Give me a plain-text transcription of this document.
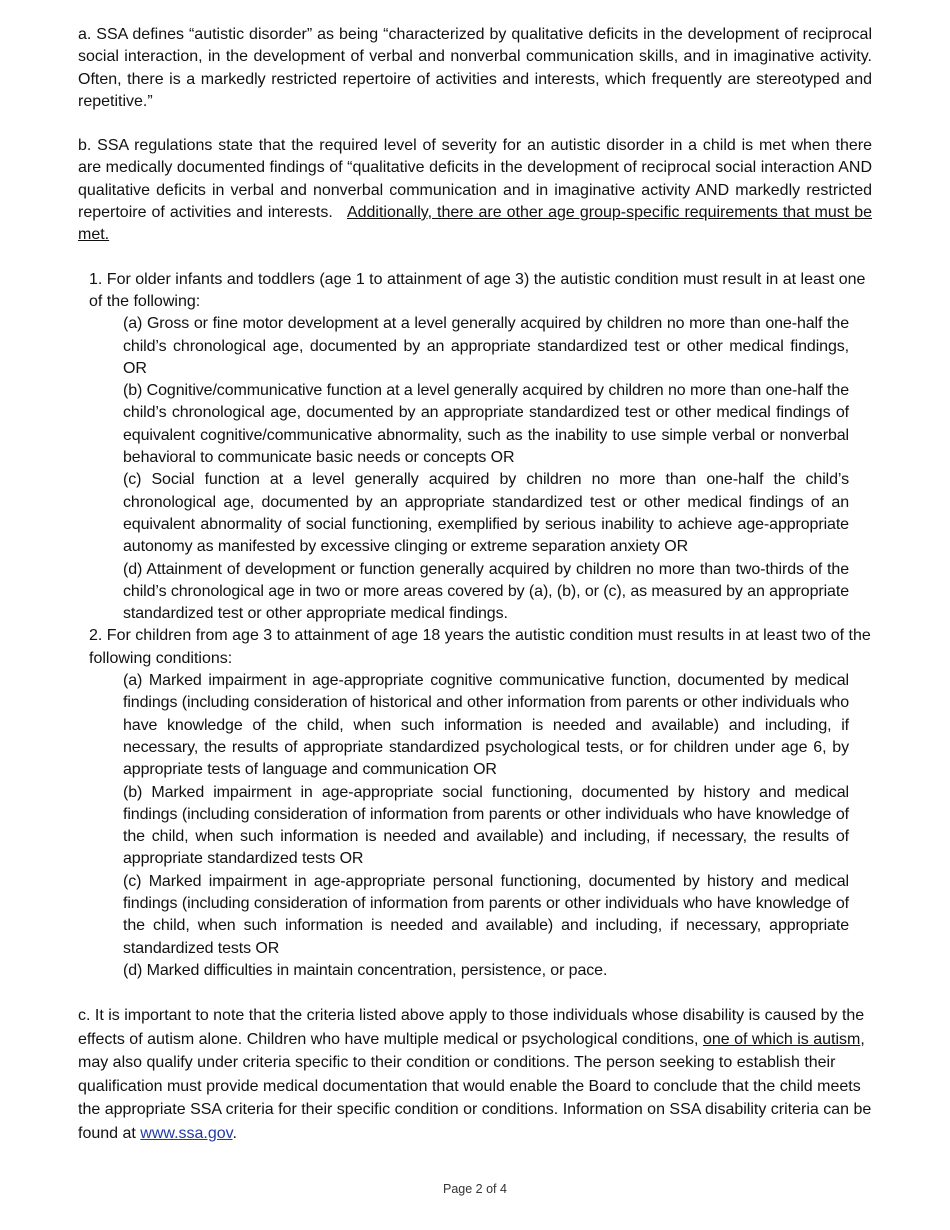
a. SSA defines “autistic disorder” as being “characterized by qualitative deficits in the development of reciprocal social interaction, in the development of verbal and nonverbal communication skills, and in imaginative activity. Often, there is a markedly restricted repertoire of activities and interests, which frequently are stereotyped and repetitive.”

b. SSA regulations state that the required level of severity for an autistic disorder in a child is met when there are medically documented findings of “qualitative deficits in the development of reciprocal social interaction AND qualitative deficits in verbal and nonverbal communication and in imaginative activity AND markedly restricted repertoire of activities and interests. Additionally, there are other age group-specific requirements that must be met.

1. For older infants and toddlers (age 1 to attainment of age 3) the autistic condition must result in at least one of the following:
(a) Gross or fine motor development at a level generally acquired by children no more than one-half the child’s chronological age, documented by an appropriate standardized test or other medical findings, OR
(b) Cognitive/communicative function at a level generally acquired by children no more than one-half the child’s chronological age, documented by an appropriate standardized test or other medical findings of equivalent cognitive/communicative abnormality, such as the inability to use simple verbal or nonverbal behavioral to communicate basic needs or concepts OR
(c) Social function at a level generally acquired by children no more than one-half the child’s chronological age, documented by an appropriate standardized test or other medical findings of an equivalent abnormality of social functioning, exemplified by serious inability to achieve age-appropriate autonomy as manifested by excessive clinging or extreme separation anxiety OR
(d) Attainment of development or function generally acquired by children no more than two-thirds of the child’s chronological age in two or more areas covered by (a), (b), or (c), as measured by an appropriate standardized test or other appropriate medical findings.
2. For children from age 3 to attainment of age 18 years the autistic condition must results in at least two of the following conditions:
(a) Marked impairment in age-appropriate cognitive communicative function, documented by medical findings (including consideration of historical and other information from parents or other individuals who have knowledge of the child, when such information is needed and available) and including, if necessary, the results of appropriate standardized psychological tests, or for children under age 6, by appropriate tests of language and communication OR
(b) Marked impairment in age-appropriate social functioning, documented by history and medical findings (including consideration of information from parents or other individuals who have knowledge of the child, when such information is needed and available) and including, if necessary, the results of appropriate standardized tests OR
(c) Marked impairment in age-appropriate personal functioning, documented by history and medical findings (including consideration of information from parents or other individuals who have knowledge of the child, when such information is needed and available) and including, if necessary, appropriate standardized tests OR
(d) Marked difficulties in maintain concentration, persistence, or pace.

c. It is important to note that the criteria listed above apply to those individuals whose disability is caused by the effects of autism alone. Children who have multiple medical or psychological conditions, one of which is autism, may also qualify under criteria specific to their condition or conditions. The person seeking to establish their qualification must provide medical documentation that would enable the Board to conclude that the child meets the appropriate SSA criteria for their specific condition or conditions. Information on SSA disability criteria can be found at www.ssa.gov.

Page 2 of 4
